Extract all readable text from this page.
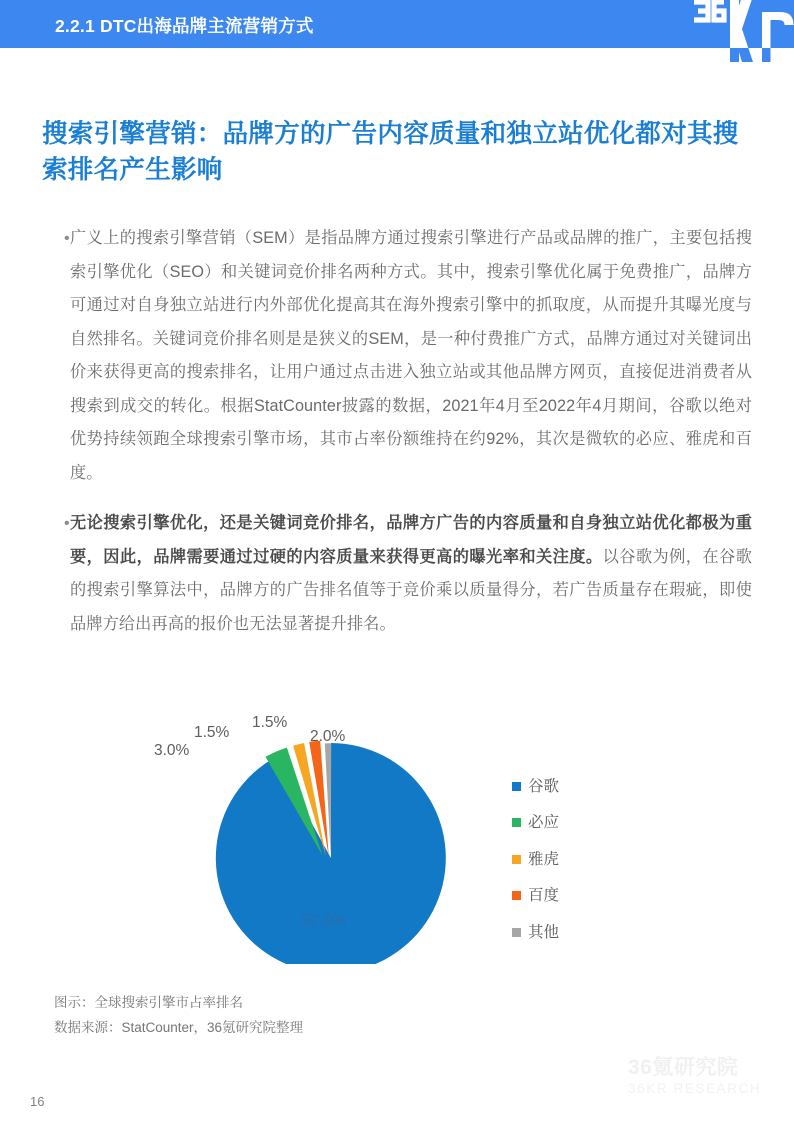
2.2.1 DTC出海品牌主流营销方式
搜索引擎营销：品牌方的广告内容质量和独立站优化都对其搜索排名产生影响
• 广义上的搜索引擎营销（SEM）是指品牌方通过搜索引擎进行产品或品牌的推广，主要包括搜索引擎优化（SEO）和关键词竞价排名两种方式。其中，搜索引擎优化属于免费推广，品牌方可通过对自身独立站进行内外部优化提高其在海外搜索引擎中的抓取度，从而提升其曝光度与自然排名。关键词竞价排名则是是狭义的SEM，是一种付费推广方式，品牌方通过对关键词出价来获得更高的搜索排名，让用户通过点击进入独立站或其他品牌方网页，直接促进消费者从搜索到成交的转化。根据StatCounter披露的数据，2021年4月至2022年4月期间，谷歌以绝对优势持续领跑全球搜索引擎市场，其市占率份额维持在约92%，其次是微软的必应、雅虎和百度。
• 无论搜索引擎优化，还是关键词竞价排名，品牌方广告的内容质量和自身独立站优化都极为重要，因此，品牌需要通过过硬的内容质量来获得更高的曝光率和关注度。以谷歌为例，在谷歌的搜索引擎算法中，品牌方的广告排名值等于竞价乘以质量得分，若广告质量存在瑕疵，即使品牌方给出再高的报价也无法显著提升排名。
3.0%
1.5%
1.5%
2.0%
92.0%
谷歌
必应
雅虎
百度
其他
图示：全球搜索引擎市占率排名
数据来源：StatCounter，36氪研究院整理
36氪研究院
36KR RESEARCH
16
